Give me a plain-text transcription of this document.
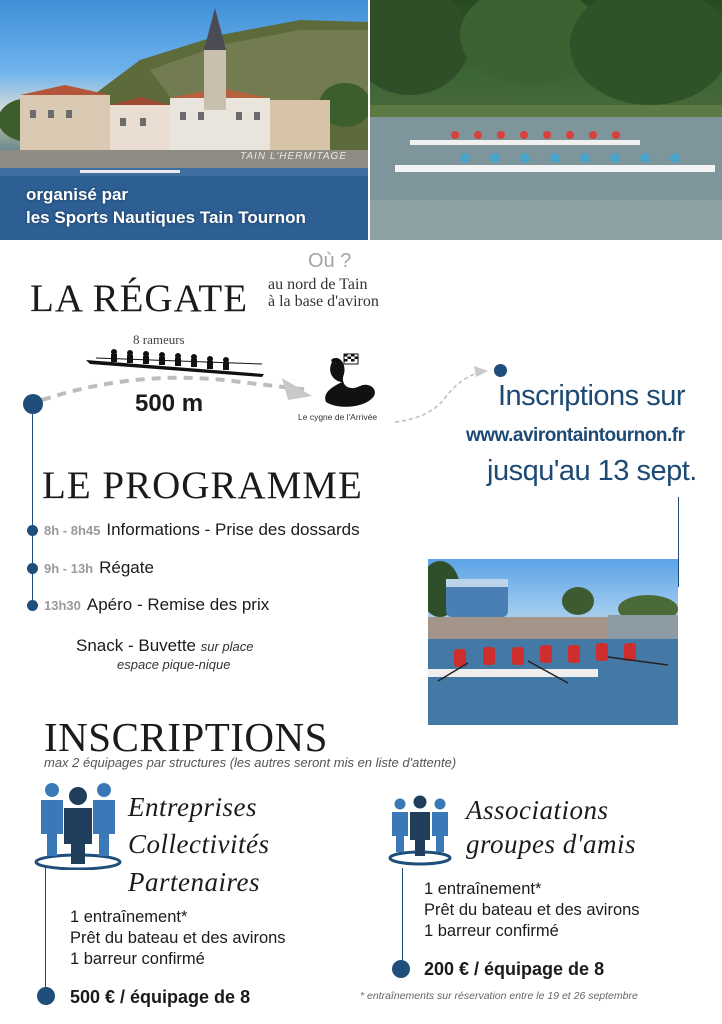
TAIN L'HERMITAGE
organisé par
les Sports Nautiques Tain Tournon
LA RÉGATE
Où ?
au nord de Tain
à la base d'aviron
8 rameurs
500 m	Le cygne de l'Arrivée
Inscriptions sur
www.avirontaintournon.fr
jusqu'au 13 sept.
LE PROGRAMME
8h - 8h45 Informations - Prise des dossards
9h - 13h Régate
13h30 Apéro - Remise des prix
Snack - Buvette sur place
espace pique-nique
INSCRIPTIONS
max 2 équipages par structures (les autres seront mis en liste d'attente)
Entreprises
Collectivités
Partenaires
1 entraînement*
Prêt du bateau et des avirons
1 barreur confirmé
500 € / équipage de 8
Associations
groupes d'amis
1 entraînement*
Prêt du bateau et des avirons
1 barreur confirmé
200 € / équipage de 8
* entraînements sur réservation entre le 19 et 26 septembre
